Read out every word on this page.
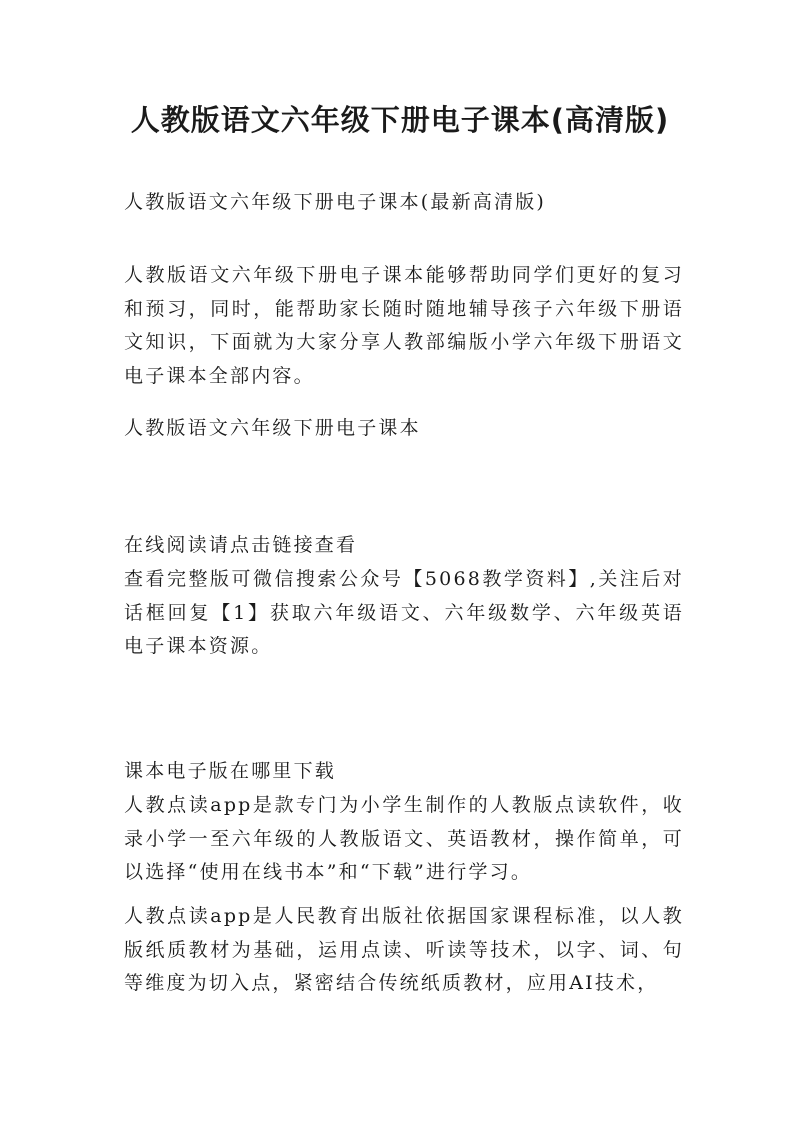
人教版语文六年级下册电子课本(高清版)

人教版语文六年级下册电子课本(最新高清版)

人教版语文六年级下册电子课本能够帮助同学们更好的复习和预习，同时，能帮助家长随时随地辅导孩子六年级下册语文知识，下面就为大家分享人教部编版小学六年级下册语文电子课本全部内容。

人教版语文六年级下册电子课本

在线阅读请点击链接查看

查看完整版可微信搜索公众号【5068教学资料】,关注后对话框回复【1】获取六年级语文、六年级数学、六年级英语电子课本资源。

课本电子版在哪里下载

人教点读app是款专门为小学生制作的人教版点读软件，收录小学一至六年级的人教版语文、英语教材，操作简单，可以选择“使用在线书本”和“下载”进行学习。

人教点读app是人民教育出版社依据国家课程标准，以人教版纸质教材为基础，运用点读、听读等技术，以字、词、句等维度为切入点，紧密结合传统纸质教材，应用AI技术，
